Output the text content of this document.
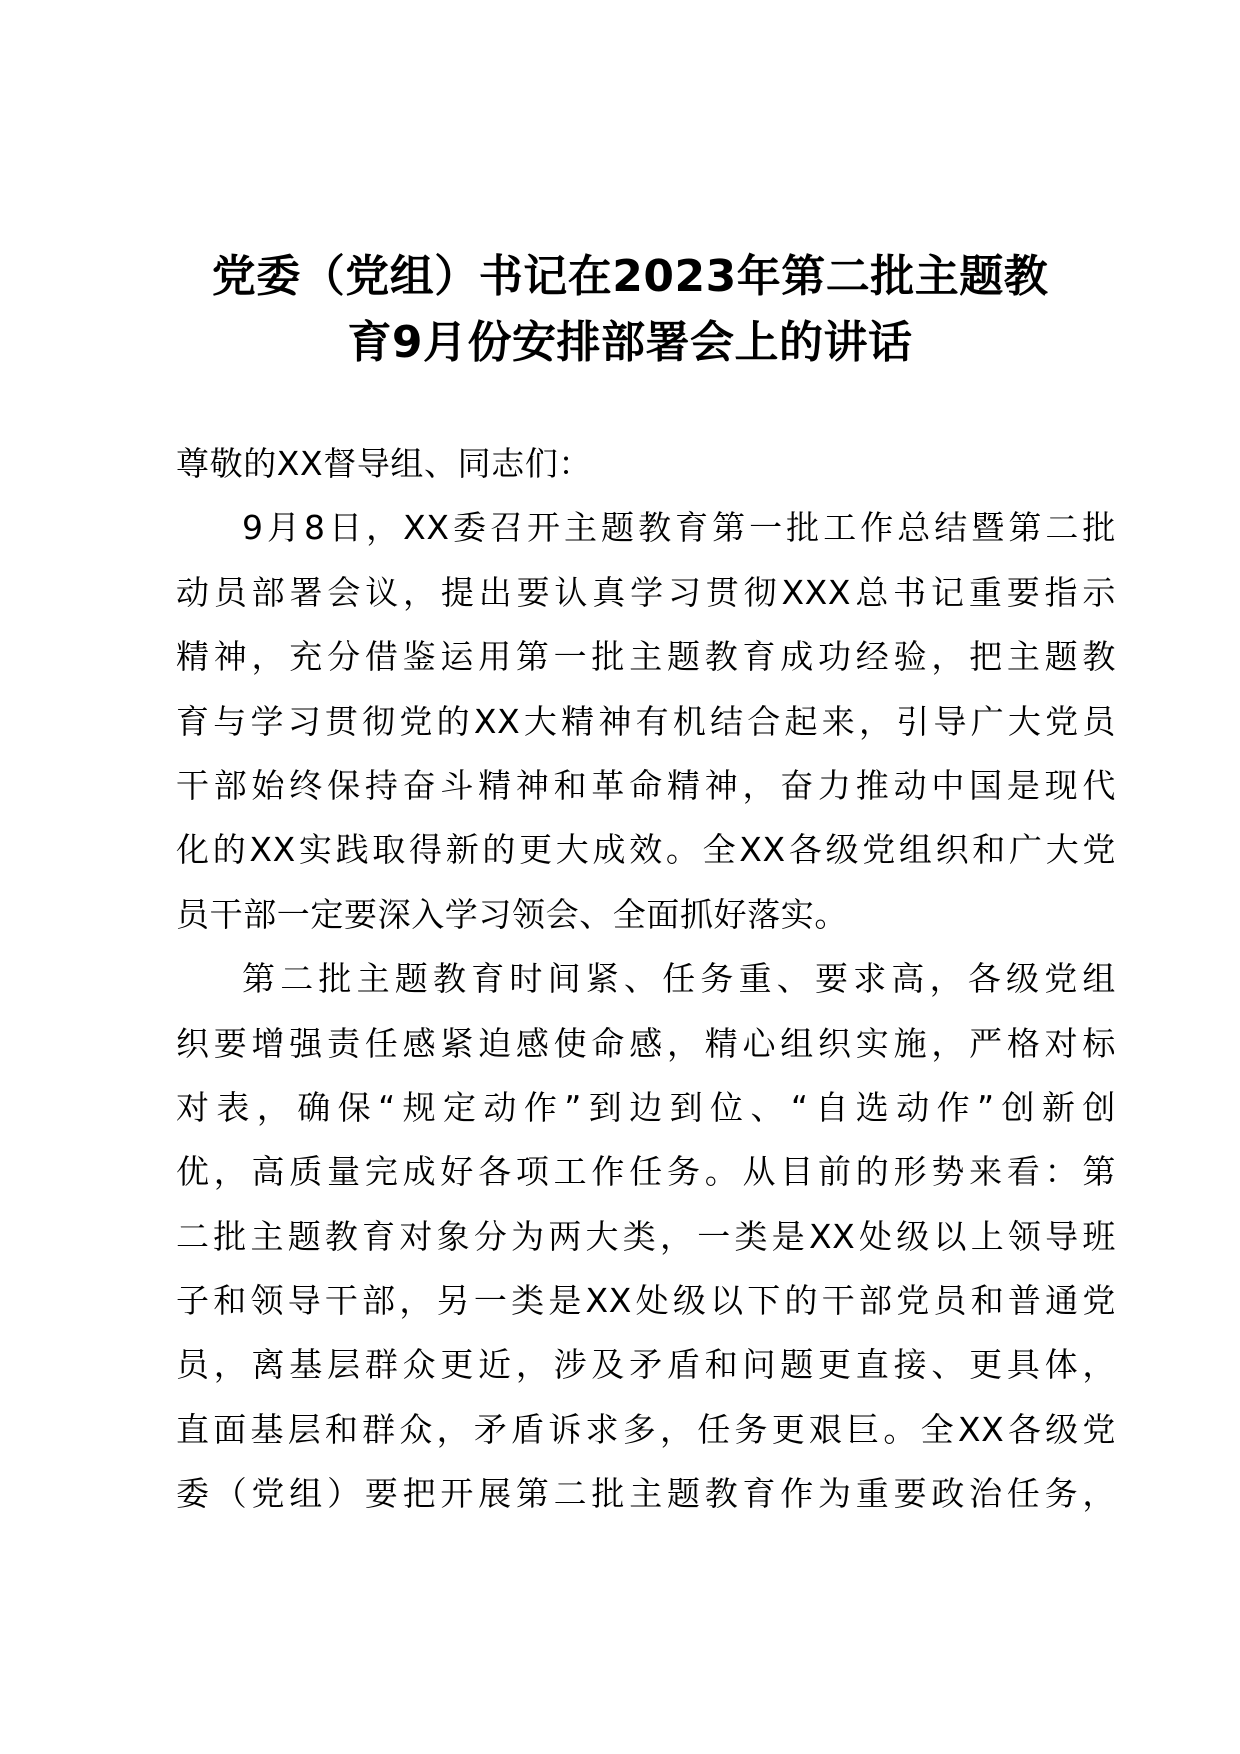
党委（党组）书记在2023年第二批主题教
育9月份安排部署会上的讲话
尊敬的XX督导组、同志们：
9月8日，XX委召开主题教育第一批工作总结暨第二批
动员部署会议，提出要认真学习贯彻XXX总书记重要指示
精神，充分借鉴运用第一批主题教育成功经验，把主题教
育与学习贯彻党的XX大精神有机结合起来，引导广大党员
干部始终保持奋斗精神和革命精神，奋力推动中国是现代
化的XX实践取得新的更大成效。全XX各级党组织和广大党
员干部一定要深入学习领会、全面抓好落实。
第二批主题教育时间紧、任务重、要求高，各级党组
织要增强责任感紧迫感使命感，精心组织实施，严格对标
对表，确保“规定动作”到边到位、“自选动作”创新创
优，高质量完成好各项工作任务。从目前的形势来看：第
二批主题教育对象分为两大类，一类是XX处级以上领导班
子和领导干部，另一类是XX处级以下的干部党员和普通党
员，离基层群众更近，涉及矛盾和问题更直接、更具体，
直面基层和群众，矛盾诉求多，任务更艰巨。全XX各级党
委（党组）要把开展第二批主题教育作为重要政治任务，
